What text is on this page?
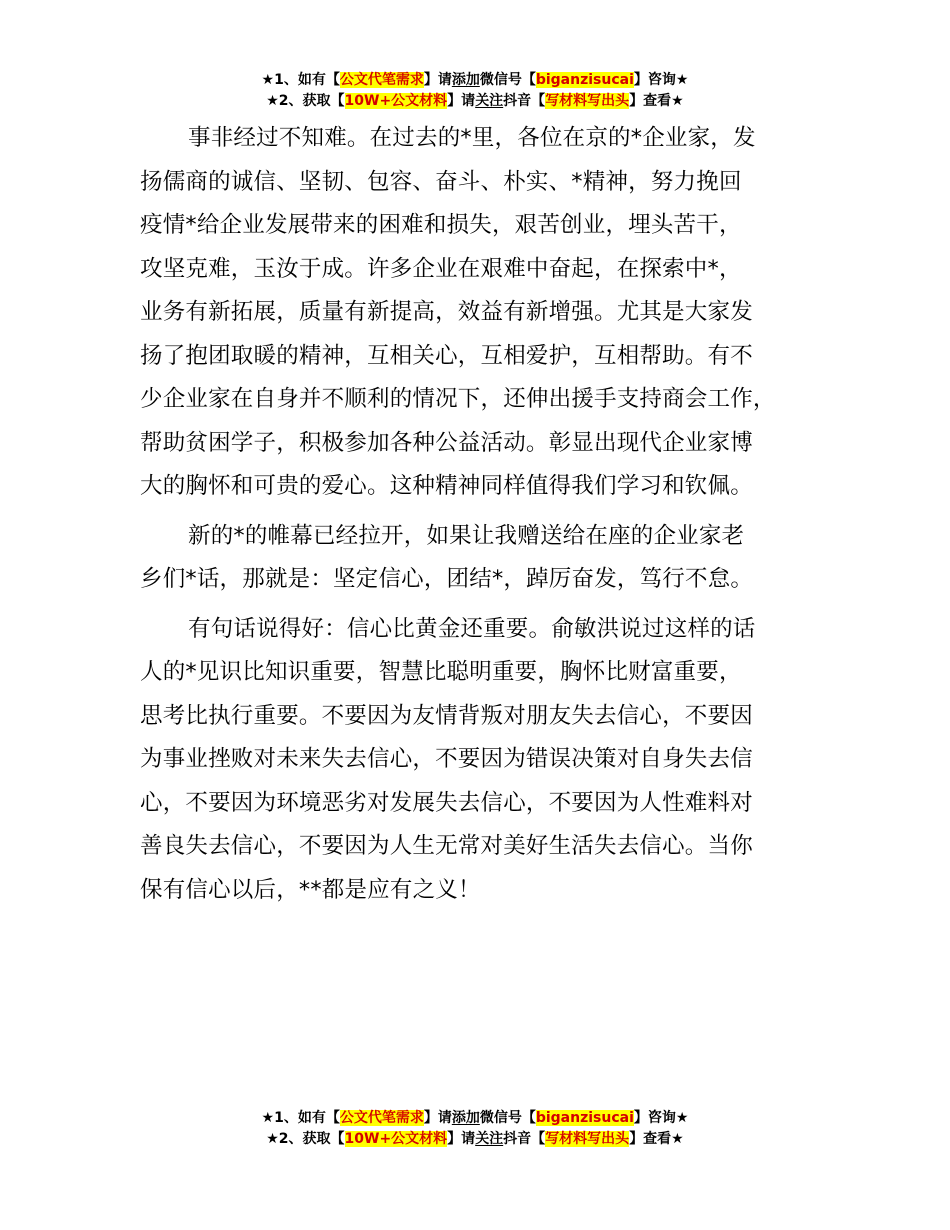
★1、如有【公文代笔需求】请添加微信号【biganzisucai】咨询★
★2、获取【10W+公文材料】请关注抖音【写材料写出头】查看★

事非经过不知难。在过去的*里，各位在京的*企业家，发
扬儒商的诚信、坚韧、包容、奋斗、朴实、*精神，努力挽回
疫情*给企业发展带来的困难和损失，艰苦创业，埋头苦干，
攻坚克难，玉汝于成。许多企业在艰难中奋起，在探索中*，
业务有新拓展，质量有新提高，效益有新增强。尤其是大家发
扬了抱团取暖的精神，互相关心，互相爱护，互相帮助。有不
少企业家在自身并不顺利的情况下，还伸出援手支持商会工作，
帮助贫困学子，积极参加各种公益活动。彰显出现代企业家博
大的胸怀和可贵的爱心。这种精神同样值得我们学习和钦佩。

新的*的帷幕已经拉开，如果让我赠送给在座的企业家老
乡们*话，那就是：坚定信心，团结*，踔厉奋发，笃行不怠。

有句话说得好：信心比黄金还重要。俞敏洪说过这样的话
人的*见识比知识重要，智慧比聪明重要，胸怀比财富重要，
思考比执行重要。不要因为友情背叛对朋友失去信心，不要因
为事业挫败对未来失去信心，不要因为错误决策对自身失去信
心，不要因为环境恶劣对发展失去信心，不要因为人性难料对
善良失去信心，不要因为人生无常对美好生活失去信心。当你
保有信心以后，**都是应有之义！

★1、如有【公文代笔需求】请添加微信号【biganzisucai】咨询★
★2、获取【10W+公文材料】请关注抖音【写材料写出头】查看★
